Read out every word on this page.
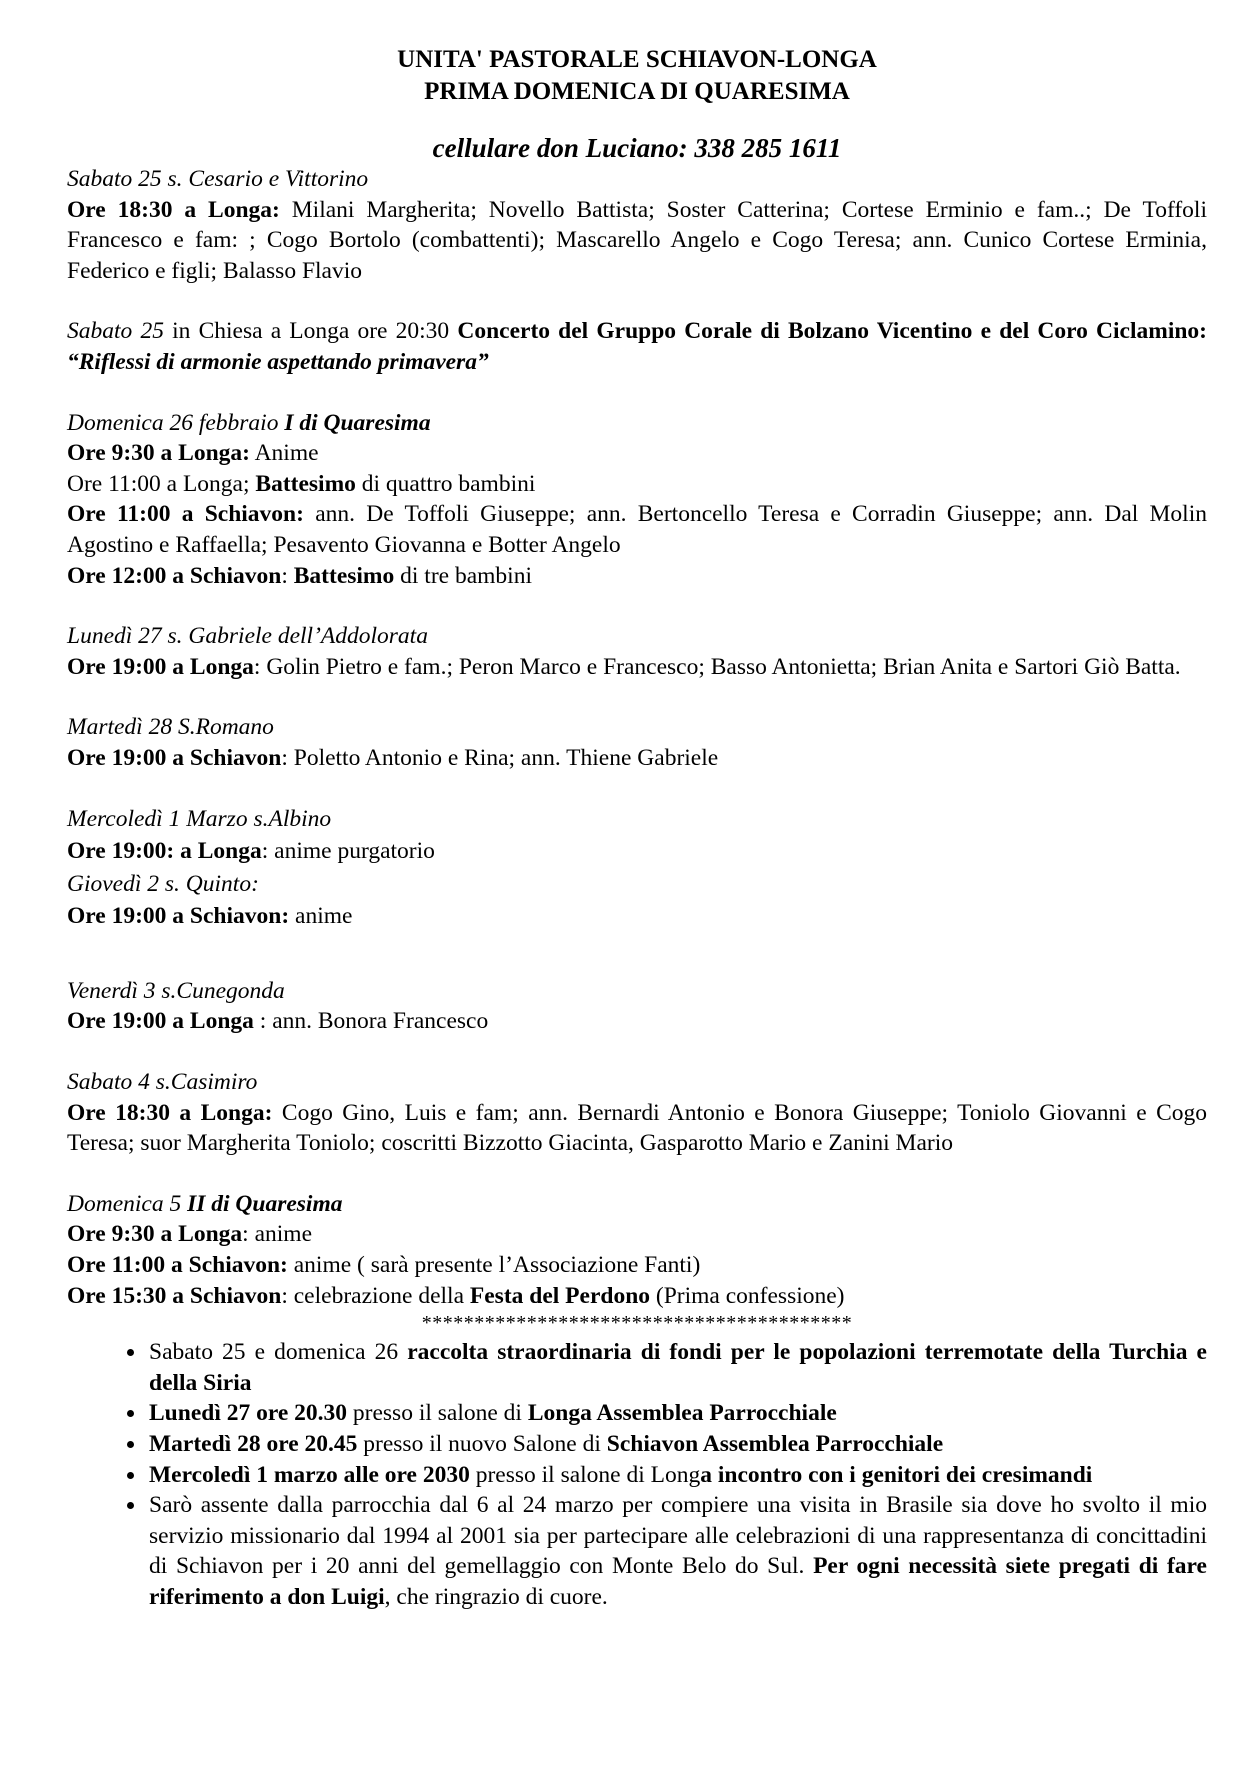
UNITA' PASTORALE SCHIAVON-LONGA
PRIMA DOMENICA DI QUARESIMA
cellulare don Luciano: 338 285 1611
Sabato 25 s. Cesario e Vittorino
Ore 18:30 a Longa: Milani Margherita; Novello Battista; Soster Catterina; Cortese Erminio e fam..; De Toffoli Francesco e fam: ; Cogo Bortolo (combattenti); Mascarello Angelo e Cogo Teresa; ann. Cunico Cortese Erminia, Federico e figli; Balasso Flavio
Sabato 25 in Chiesa a Longa ore 20:30 Concerto del Gruppo Corale di Bolzano Vicentino e del Coro Ciclamino: “Riflessi di armonie aspettando primavera”
Domenica 26 febbraio I di Quaresima
Ore 9:30 a Longa: Anime
Ore 11:00 a Longa; Battesimo di quattro bambini
Ore 11:00 a Schiavon: ann. De Toffoli Giuseppe; ann. Bertoncello Teresa e Corradin Giuseppe; ann. Dal Molin Agostino e Raffaella; Pesavento Giovanna e Botter Angelo
Ore 12:00 a Schiavon: Battesimo di tre bambini
Lunedì 27 s. Gabriele dell’Addolorata
Ore 19:00 a Longa: Golin Pietro e fam.; Peron Marco e Francesco; Basso Antonietta; Brian Anita e Sartori Giò Batta.
Martedì 28 S.Romano
Ore 19:00 a Schiavon: Poletto Antonio e Rina; ann. Thiene Gabriele
Mercoledì 1 Marzo s.Albino
Ore 19:00: a Longa: anime purgatorio
Giovedì 2 s. Quinto:
Ore 19:00 a Schiavon: anime
Venerdì 3 s.Cunegonda
Ore 19:00 a Longa : ann. Bonora Francesco
Sabato 4 s.Casimiro
Ore 18:30 a Longa: Cogo Gino, Luis e fam; ann. Bernardi Antonio e Bonora Giuseppe; Toniolo Giovanni e Cogo Teresa; suor Margherita Toniolo; coscritti Bizzotto Giacinta, Gasparotto Mario e Zanini Mario
Domenica 5 II di Quaresima
Ore 9:30 a Longa: anime
Ore 11:00 a Schiavon: anime ( sarà presente l’Associazione Fanti)
Ore 15:30 a Schiavon: celebrazione della Festa del Perdono (Prima confessione)
*****************************************
• Sabato 25 e domenica 26 raccolta straordinaria di fondi per le popolazioni terremotate della Turchia e della Siria
• Lunedì 27 ore 20.30 presso il salone di Longa Assemblea Parrocchiale
• Martedì 28 ore 20.45 presso il nuovo Salone di Schiavon Assemblea Parrocchiale
• Mercoledì 1 marzo alle ore 2030 presso il salone di Longa incontro con i genitori dei cresimandi
• Sarò assente dalla parrocchia dal 6 al 24 marzo per compiere una visita in Brasile sia dove ho svolto il mio servizio missionario dal 1994 al 2001 sia per partecipare alle celebrazioni di una rappresentanza di concittadini di Schiavon per i 20 anni del gemellaggio con Monte Belo do Sul. Per ogni necessità siete pregati di fare riferimento a don Luigi, che ringrazio di cuore.
